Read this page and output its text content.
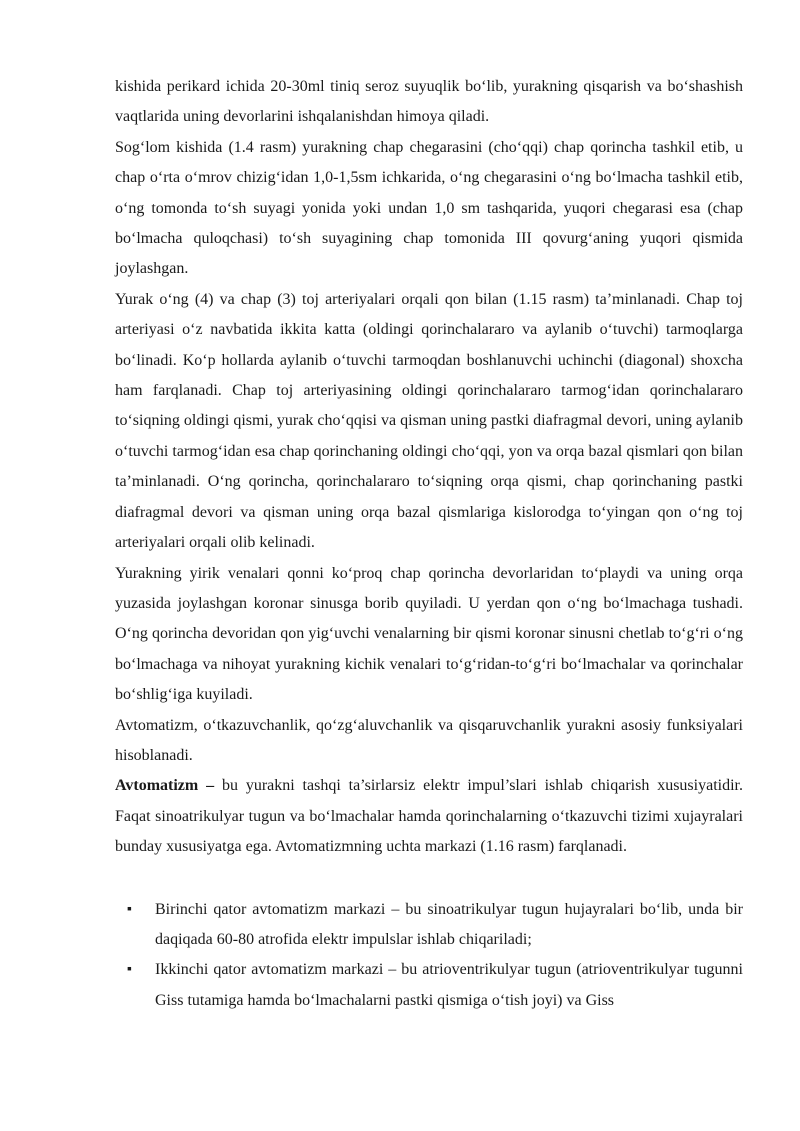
kishida perikard ichida 20-30ml tiniq seroz suyuqlik bo‘lib, yurakning qisqarish va bo‘shashish vaqtlarida uning devorlarini ishqalanishdan himoya qiladi.

Sog‘lom kishida (1.4 rasm) yurakning chap chegarasini (cho‘qqi) chap qorincha tashkil etib, u chap o‘rta o‘mrov chizig‘idan 1,0-1,5sm ichkarida, o‘ng chegarasini o‘ng bo‘lmacha tashkil etib, o‘ng tomonda to‘sh suyagi yonida yoki undan 1,0 sm tashqarida, yuqori chegarasi esa (chap bo‘lmacha quloqchasi) to‘sh suyagining chap tomonida III qovurg‘aning yuqori qismida joylashgan.

Yurak o‘ng (4) va chap (3) toj arteriyalari orqali qon bilan (1.15 rasm) ta’minlanadi. Chap toj arteriyasi o‘z navbatida ikkita katta (oldingi qorinchalararo va aylanib o‘tuvchi) tarmoqlarga bo‘linadi. Ko‘p hollarda aylanib o‘tuvchi tarmoqdan boshlanuvchi uchinchi (diagonal) shoxcha ham farqlanadi. Chap toj arteriyasining oldingi qorinchalararo tarmog‘idan qorinchalararo to‘siqning oldingi qismi, yurak cho‘qqisi va qisman uning pastki diafragmal devori, uning aylanib o‘tuvchi tarmog‘idan esa chap qorinchaning oldingi cho‘qqi, yon va orqa bazal qismlari qon bilan ta’minlanadi. O‘ng qorincha, qorinchalararo to‘siqning orqa qismi, chap qorinchaning pastki diafragmal devori va qisman uning orqa bazal qismlariga kislorodga to‘yingan qon o‘ng toj arteriyalari orqali olib kelinadi.

Yurakning yirik venalari qonni ko‘proq chap qorincha devorlaridan to‘playdi va uning orqa yuzasida joylashgan koronar sinusga borib quyiladi. U yerdan qon o‘ng bo‘lmachaga tushadi. O‘ng qorincha devoridan qon yig‘uvchi venalarning bir qismi koronar sinusni chetlab to‘g‘ri o‘ng bo‘lmachaga va nihoyat yurakning kichik venalari to‘g‘ridan-to‘g‘ri bo‘lmachalar va qorinchalar bo‘shlig‘iga kuyiladi.

Avtomatizm, o‘tkazuvchanlik, qo‘zg‘aluvchanlik va qisqaruvchanlik yurakni asosiy funksiyalari hisoblanadi.

Avtomatizm – bu yurakni tashqi ta’sirlarsiz elektr impul’slari ishlab chiqarish xususiyatidir. Faqat sinoatrikulyar tugun va bo‘lmachalar hamda qorinchalarning o‘tkazuvchi tizimi xujayralari bunday xususiyatga ega. Avtomatizmning uchta markazi (1.16 rasm) farqlanadi.

▪ Birinchi qator avtomatizm markazi – bu sinoatrikulyar tugun hujayralari bo‘lib, unda bir daqiqada 60-80 atrofida elektr impulslar ishlab chiqariladi;
▪ Ikkinchi qator avtomatizm markazi – bu atrioventrikulyar tugun (atrioventrikulyar tugunni Giss tutamiga hamda bo‘lmachalarni pastki qismiga o‘tish joyi) va Giss
